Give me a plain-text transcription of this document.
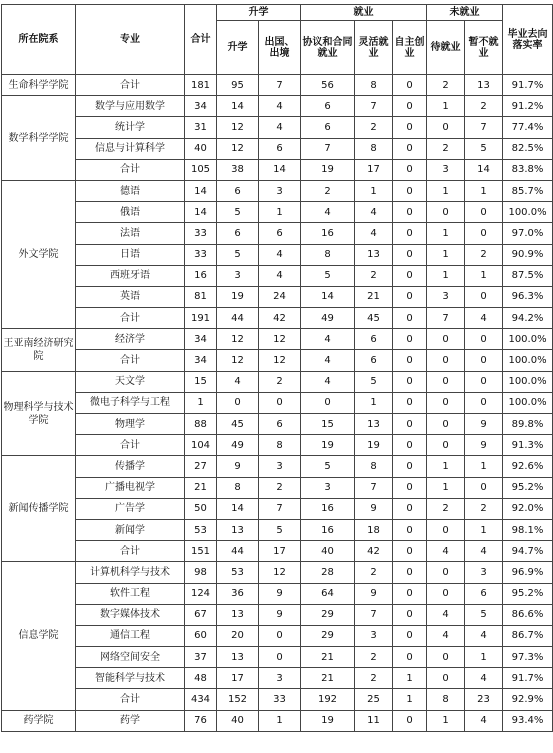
所在院系	专业	合计	升学		就业			未就业		毕业去向落实率
			升学	出国、出境	协议和合同就业	灵活就业	自主创业	待就业	暂不就业	
生命科学学院	合计	181	95	7	56	8	0	2	13	91.7%
数学科学学院	数学与应用数学	34	14	4	6	7	0	1	2	91.2%
	统计学	31	12	4	6	2	0	0	7	77.4%
	信息与计算科学	40	12	6	7	8	0	2	5	82.5%
	合计	105	38	14	19	17	0	3	14	83.8%
外文学院	德语	14	6	3	2	1	0	1	1	85.7%
	俄语	14	5	1	4	4	0	0	0	100.0%
	法语	33	6	6	16	4	0	1	0	97.0%
	日语	33	5	4	8	13	0	1	2	90.9%
	西班牙语	16	3	4	5	2	0	1	1	87.5%
	英语	81	19	24	14	21	0	3	0	96.3%
	合计	191	44	42	49	45	0	7	4	94.2%
王亚南经济研究院	经济学	34	12	12	4	6	0	0	0	100.0%
	合计	34	12	12	4	6	0	0	0	100.0%
物理科学与技术学院	天文学	15	4	2	4	5	0	0	0	100.0%
	微电子科学与工程	1	0	0	0	1	0	0	0	100.0%
	物理学	88	45	6	15	13	0	0	9	89.8%
	合计	104	49	8	19	19	0	0	9	91.3%
新闻传播学院	传播学	27	9	3	5	8	0	1	1	92.6%
	广播电视学	21	8	2	3	7	0	1	0	95.2%
	广告学	50	14	7	16	9	0	2	2	92.0%
	新闻学	53	13	5	16	18	0	0	1	98.1%
	合计	151	44	17	40	42	0	4	4	94.7%
信息学院	计算机科学与技术	98	53	12	28	2	0	0	3	96.9%
	软件工程	124	36	9	64	9	0	0	6	95.2%
	数字媒体技术	67	13	9	29	7	0	4	5	86.6%
	通信工程	60	20	0	29	3	0	4	4	86.7%
	网络空间安全	37	13	0	21	2	0	0	1	97.3%
	智能科学与技术	48	17	3	21	2	1	0	4	91.7%
	合计	434	152	33	192	25	1	8	23	92.9%
药学院	药学	76	40	1	19	11	0	1	4	93.4%
